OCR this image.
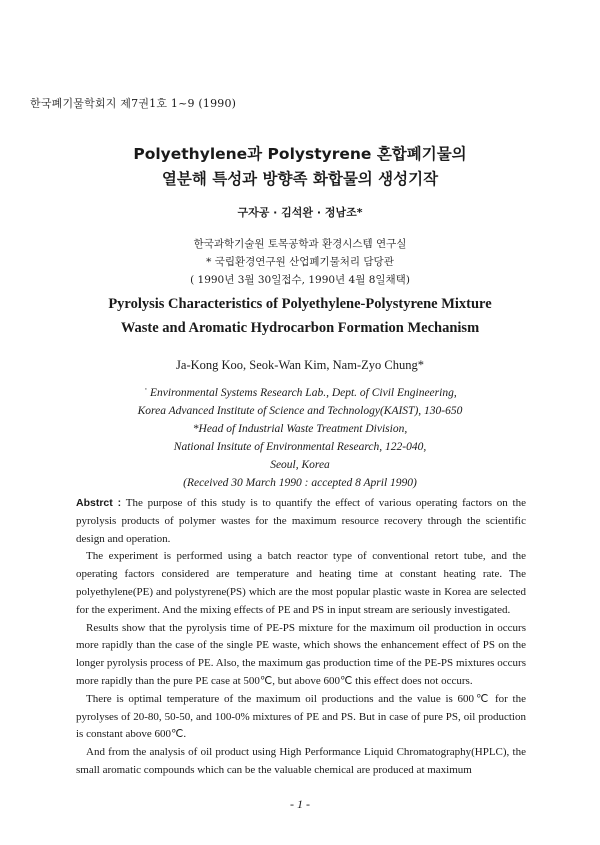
한국폐기물학회지 제7권1호 1~9 (1990)
Polyethylene과 Polystyrene 혼합폐기물의
열분해 특성과 방향족 화합물의 생성기작
구자공 · 김석완 · 정남조*
한국과학기술원 토목공학과 환경시스템 연구실
* 국립환경연구원 산업폐기물처리 담당관
( 1990년 3월 30일접수, 1990년 4월 8일채택)
Pyrolysis Characteristics of Polyethylene-Polystyrene Mixture
Waste and Aromatic Hydrocarbon Formation Mechanism
Ja-Kong Koo, Seok-Wan Kim, Nam-Zyo Chung*
˙ Environmental Systems Research Lab., Dept. of Civil Engineering,
Korea Advanced Institute of Science and Technology(KAIST), 130-650
*Head of Industrial Waste Treatment Division,
National Insitute of Environmental Research, 122-040,
Seoul, Korea
(Received 30 March 1990 : accepted 8 April 1990)

Abstrct : The purpose of this study is to quantify the effect of various operating factors on the pyrolysis products of polymer wastes for the maximum resource recovery through the scientific design and operation.

The experiment is performed using a batch reactor type of conventional retort tube, and the operating factors considered are temperature and heating time at constant heating rate. The polyethylene(PE) and polystyrene(PS) which are the most popular plastic waste in Korea are selected for the experiment. And the mixing effects of PE and PS in input stream are seriously investigated.

Results show that the pyrolysis time of PE-PS mixture for the maximum oil production in occurs more rapidly than the case of the single PE waste, which shows the enhancement effect of PS on the longer pyrolysis process of PE. Also, the maximum gas production time of the PE-PS mixtures occurs more rapidly than the pure PE case at 500℃, but above 600℃ this effect does not occurs.

There is optimal temperature of the maximum oil productions and the value is 600℃ for the pyrolyses of 20-80, 50-50, and 100-0% mixtures of PE and PS. But in case of pure PS, oil production is constant above 600℃.

And from the analysis of oil product using High Performance Liquid Chromatography(HPLC), the small aromatic compounds which can be the valuable chemical are produced at maximum

- 1 -
